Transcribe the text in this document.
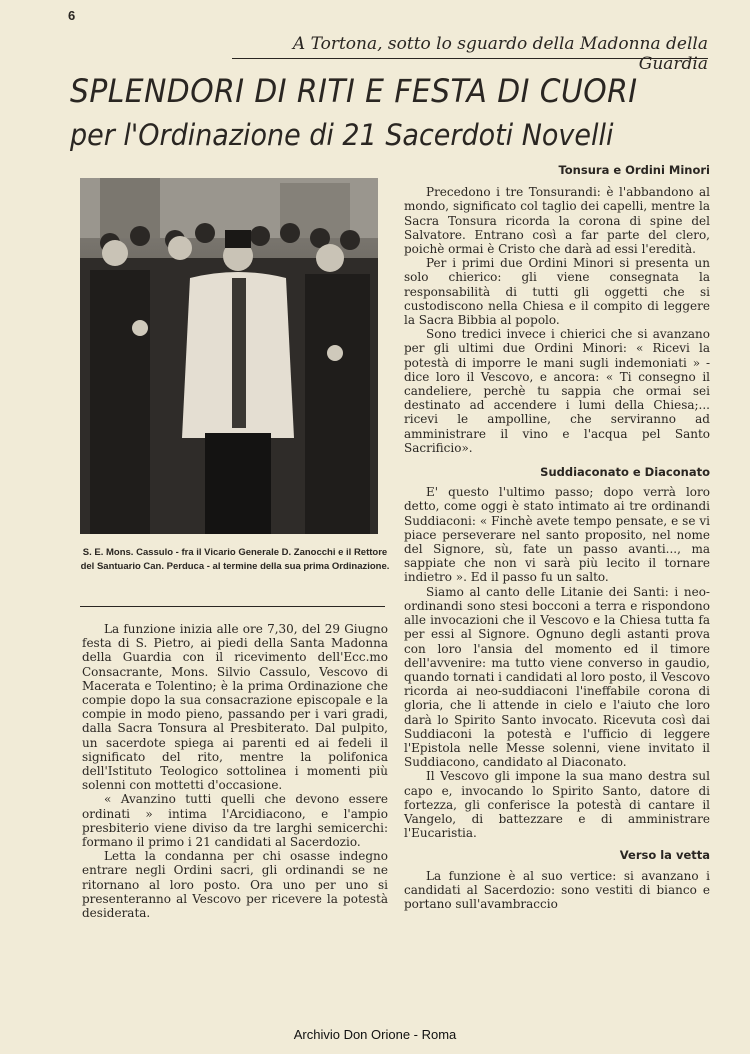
6
A Tortona, sotto lo sguardo della Madonna della Guardia
SPLENDORI DI RITI E FESTA DI CUORI
per l'Ordinazione di 21 Sacerdoti Novelli
S. E. Mons. Cassulo - fra il Vicario Generale D. Zanocchi e il Rettore del Santuario Can. Perduca - al termine della sua prima Ordinazione.

La funzione inizia alle ore 7,30, del 29 Giugno festa di S. Pietro, ai piedi della Santa Madonna della Guardia con il ricevimento dell'Ecc.mo Consacrante, Mons. Silvio Cassulo, Vescovo di Macerata e Tolentino; è la prima Ordinazione che compie dopo la sua consacrazione episcopale e la compie in modo pieno, passando per i vari gradi, dalla Sacra Tonsura al Presbiterato. Dal pulpito, un sacerdote spiega ai parenti ed ai fedeli il significato del rito, mentre la polifonica dell'Istituto Teologico sottolinea i momenti più solenni con mottetti d'occasione.

« Avanzino tutti quelli che devono essere ordinati » intima l'Arcidiacono, e l'ampio presbiterio viene diviso da tre larghi semicerchi: formano il primo i 21 candidati al Sacerdozio.

Letta la condanna per chi osasse indegno entrare negli Ordini sacri, gli ordinandi se ne ritornano al loro posto. Ora uno per uno si presenteranno al Vescovo per ricevere la potestà desiderata.

Tonsura e Ordini Minori

Precedono i tre Tonsurandi: è l'abbandono al mondo, significato col taglio dei capelli, mentre la Sacra Tonsura ricorda la corona di spine del Salvatore. Entrano così a far parte del clero, poichè ormai è Cristo che darà ad essi l'eredità.

Per i primi due Ordini Minori si presenta un solo chierico: gli viene consegnata la responsabilità di tutti gli oggetti che si custodiscono nella Chiesa e il compito di leggere la Sacra Bibbia al popolo.

Sono tredici invece i chierici che si avanzano per gli ultimi due Ordini Minori: « Ricevi la potestà di imporre le mani sugli indemoniati » - dice loro il Vescovo, e ancora: « Ti consegno il candeliere, perchè tu sappia che ormai sei destinato ad accendere i lumi della Chiesa;... ricevi le ampolline, che serviranno ad amministrare il vino e l'acqua pel Santo Sacrificio».

Suddiaconato e Diaconato

E' questo l'ultimo passo; dopo verrà loro detto, come oggi è stato intimato ai tre ordinandi Suddiaconi: « Finchè avete tempo pensate, e se vi piace perseverare nel santo proposito, nel nome del Signore, sù, fate un passo avanti..., ma sappiate che non vi sarà più lecito il tornare indietro ». Ed il passo fu un salto.

Siamo al canto delle Litanie dei Santi: i neo-ordinandi sono stesi bocconi a terra e rispondono alle invocazioni che il Vescovo e la Chiesa tutta fa per essi al Signore. Ognuno degli astanti prova con loro l'ansia del momento ed il timore dell'avvenire: ma tutto viene converso in gaudio, quando tornati i candidati al loro posto, il Vescovo ricorda ai neo-suddiaconi l'ineffabile corona di gloria, che li attende in cielo e l'aiuto che loro darà lo Spirito Santo invocato. Ricevuta così dai Suddiaconi la potestà e l'ufficio di leggere l'Epistola nelle Messe solenni, viene invitato il Suddiacono, candidato al Diaconato.

Il Vescovo gli impone la sua mano destra sul capo e, invocando lo Spirito Santo, datore di fortezza, gli conferisce la potestà di cantare il Vangelo, di battezzare e di amministrare l'Eucaristia.

Verso la vetta

La funzione è al suo vertice: si avanzano i candidati al Sacerdozio: sono vestiti di bianco e portano sull'avambraccio

Archivio Don Orione - Roma
